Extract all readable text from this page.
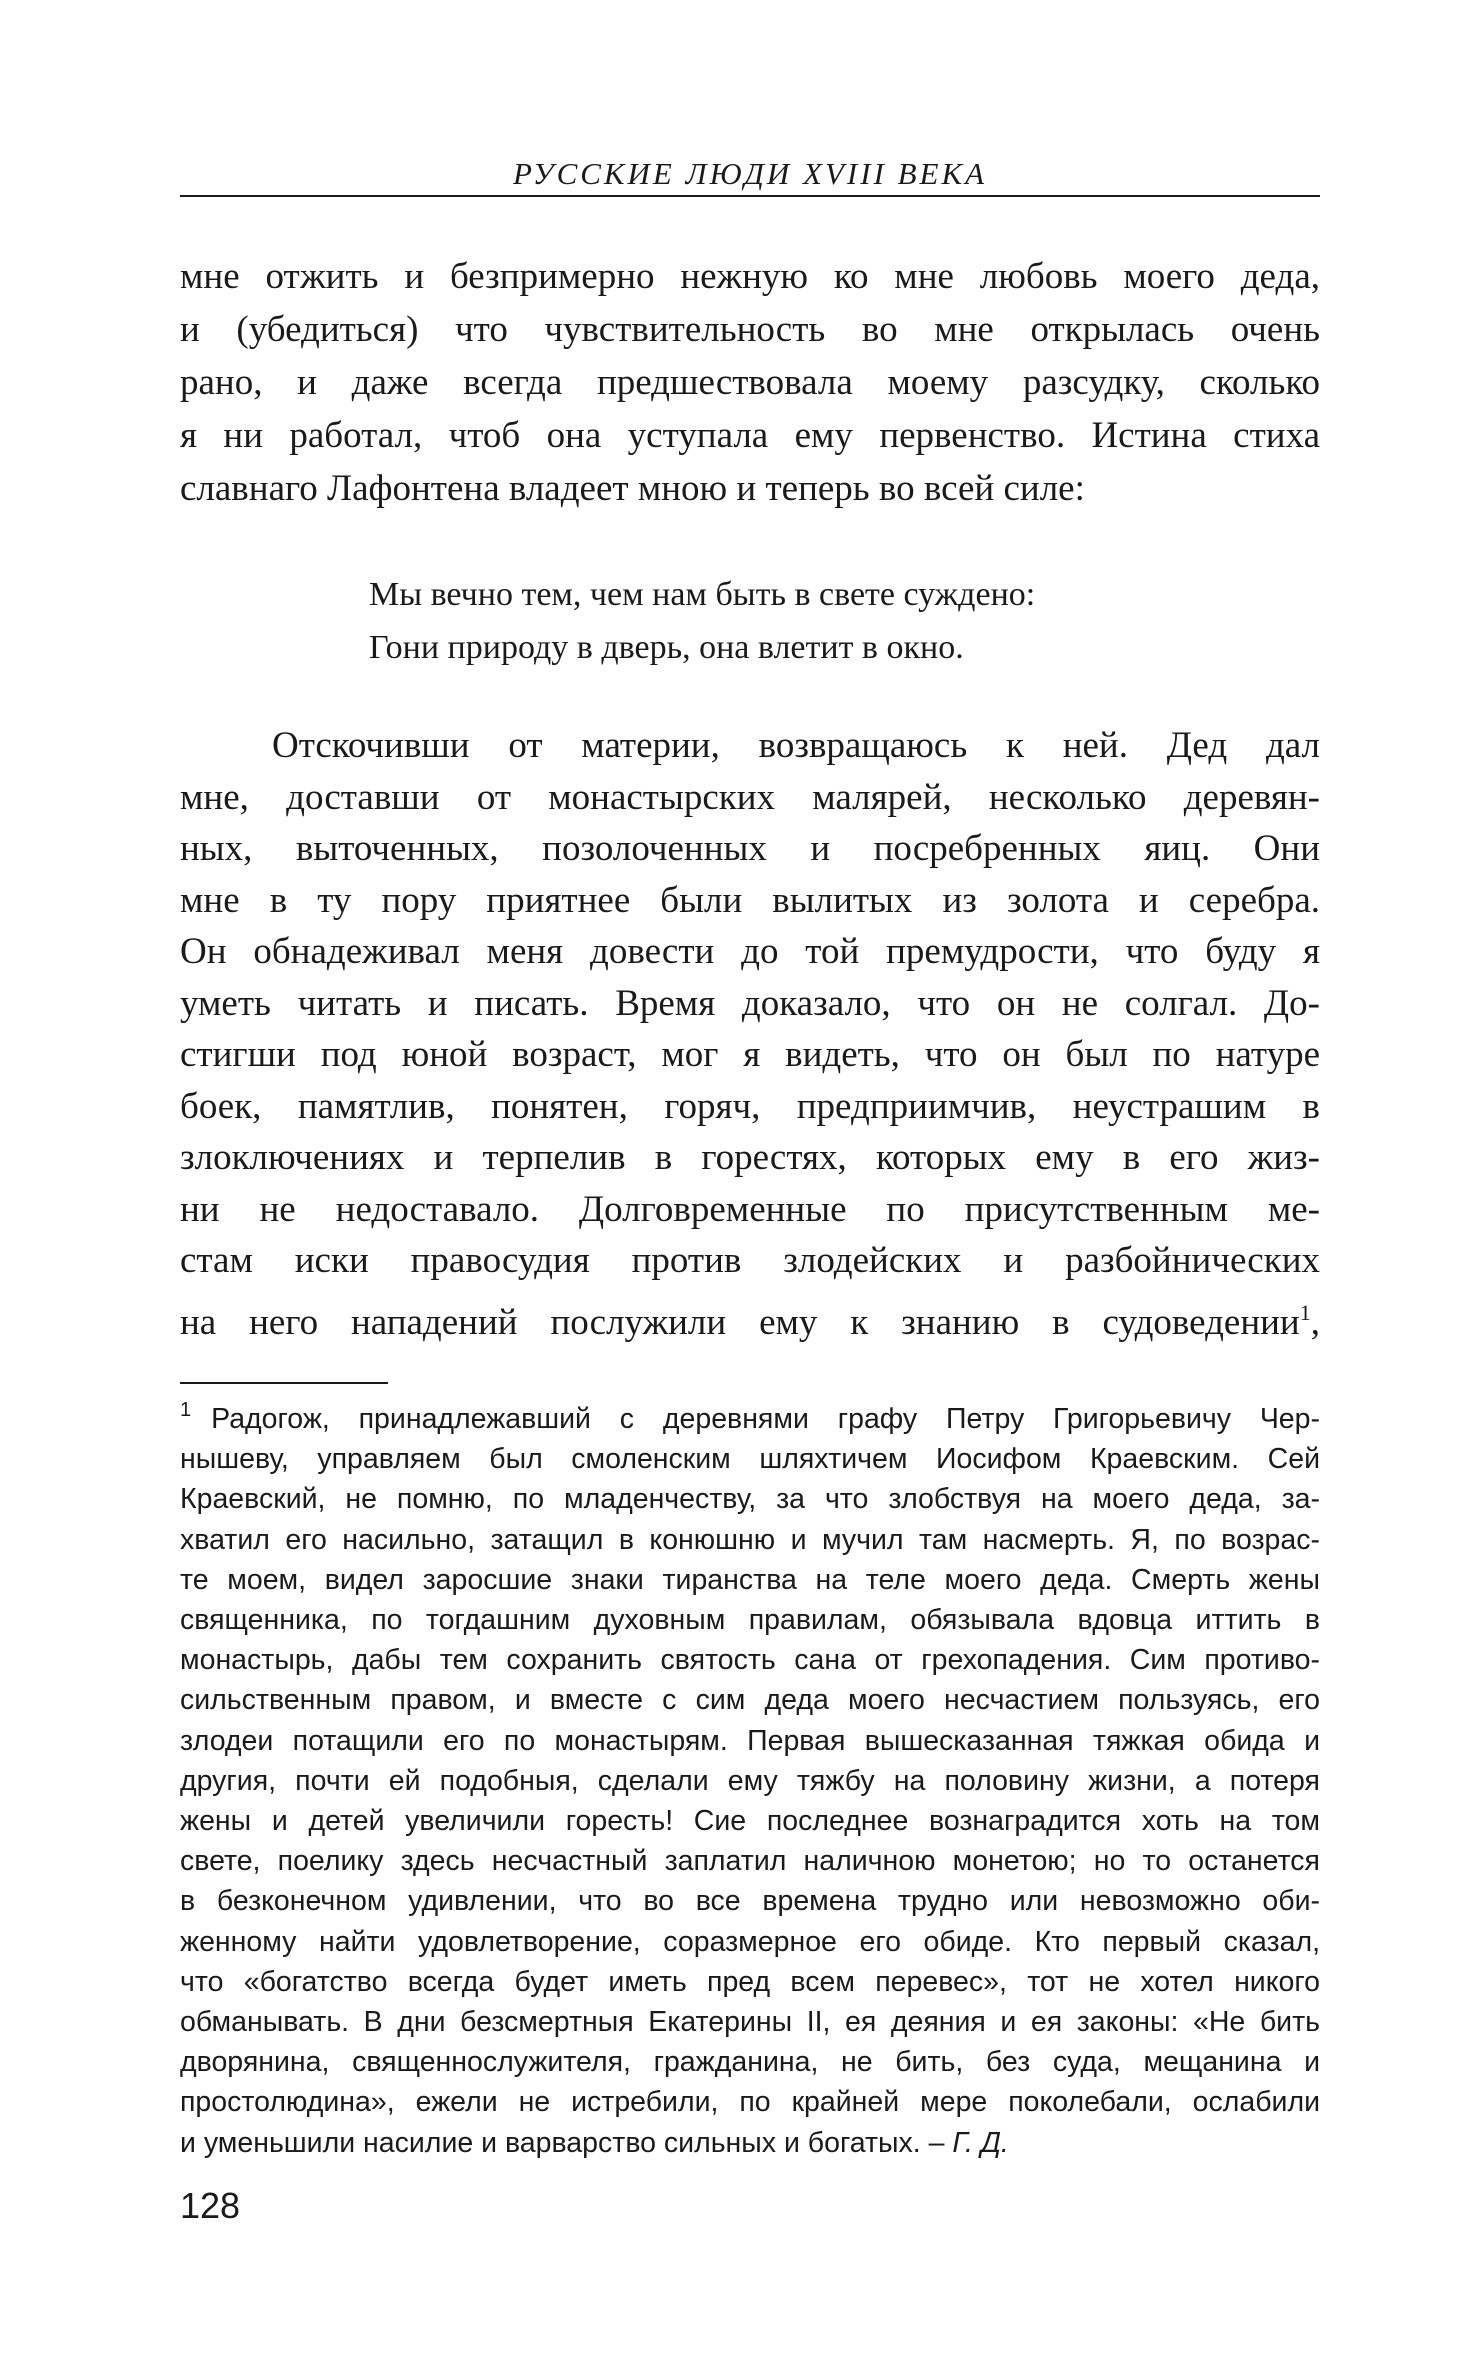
РУССКИЕ ЛЮДИ XVIII ВЕКА
мне отжить и безпримерно нежную ко мне любовь моего деда,
и (убедиться) что чувствительность во мне открылась очень
рано, и даже всегда предшествовала моему разсудку, сколько
я ни работал, чтоб она уступала ему первенство. Истина стиха
славнаго Лафонтена владеет мною и теперь во всей силе:
Мы вечно тем, чем нам быть в свете суждено:
Гони природу в дверь, она влетит в окно.
Отскочивши от материи, возвращаюсь к ней. Дед дал
мне, доставши от монастырских малярей, несколько деревян-
ных, выточенных, позолоченных и посребренных яиц. Они
мне в ту пору приятнее были вылитых из золота и серебра.
Он обнадеживал меня довести до той премудрости, что буду я
уметь читать и писать. Время доказало, что он не солгал. До-
стигши под юной возраст, мог я видеть, что он был по натуре
боек, памятлив, понятен, горяч, предприимчив, неустрашим в
злоключениях и терпелив в горестях, которых ему в его жиз-
ни не недоставало. Долговременные по присутственным ме-
стам иски правосудия против злодейских и разбойнических
на него нападений послужили ему к знанию в судоведении$^1$,
$^1$ Радогож, принадлежавший с деревнями графу Петру Григорьевичу Чер-
нышеву, управляем был смоленским шляхтичем Иосифом Краевским. Сей
Краевский, не помню, по младенчеству, за что злобствуя на моего деда, за-
хватил его насильно, затащил в конюшню и мучил там насмерть. Я, по возрас-
те моем, видел заросшие знаки тиранства на теле моего деда. Смерть жены
священника, по тогдашним духовным правилам, обязывала вдовца иттить в
монастырь, дабы тем сохранить святость сана от грехопадения. Сим противо-
сильственным правом, и вместе с сим деда моего несчастием пользуясь, его
злодеи потащили его по монастырям. Первая вышесказанная тяжкая обида и
другия, почти ей подобныя, сделали ему тяжбу на половину жизни, а потеря
жены и детей увеличили горесть! Сие последнее вознаградится хоть на том
свете, поелику здесь несчастный заплатил наличною монетою; но то останется
в безконечном удивлении, что во все времена трудно или невозможно оби-
женному найти удовлетворение, соразмерное его обиде. Кто первый сказал,
что «богатство всегда будет иметь пред всем перевес», тот не хотел никого
обманывать. В дни безсмертныя Екатерины II, ея деяния и ея законы: «Не бить
дворянина, священнослужителя, гражданина, не бить, без суда, мещанина и
простолюдина», ежели не истребили, по крайней мере поколебали, ослабили
и уменьшили насилие и варварство сильных и богатых. – Г. Д.
128
